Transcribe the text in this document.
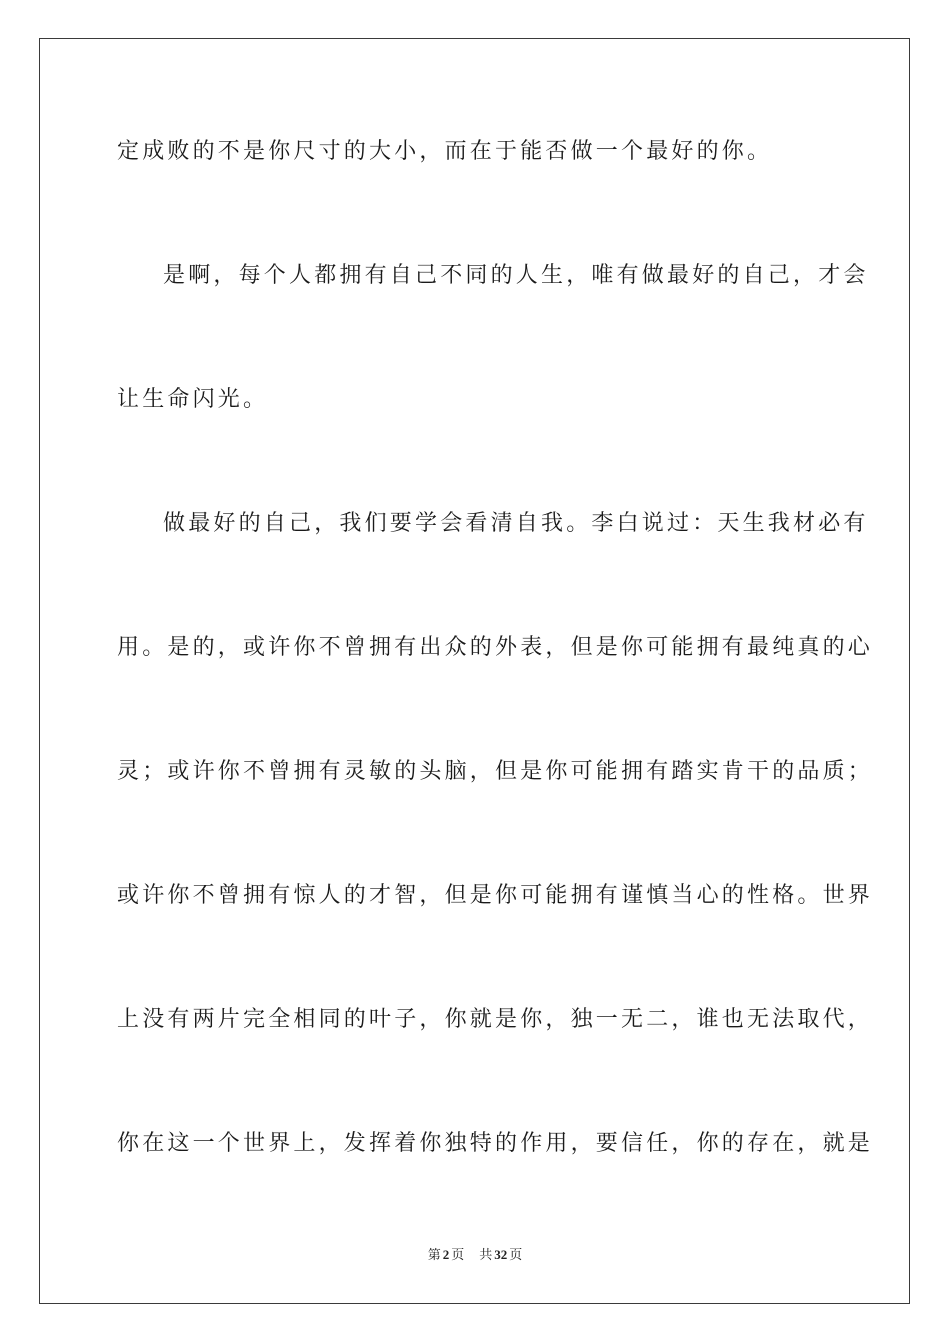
定成败的不是你尺寸的大小，而在于能否做一个最好的你。
是啊，每个人都拥有自己不同的人生，唯有做最好的自己，才会
让生命闪光。
做最好的自己，我们要学会看清自我。李白说过：天生我材必有
用。是的，或许你不曾拥有出众的外表，但是你可能拥有最纯真的心
灵；或许你不曾拥有灵敏的头脑，但是你可能拥有踏实肯干的品质；
或许你不曾拥有惊人的才智，但是你可能拥有谨慎当心的性格。世界
上没有两片完全相同的叶子，你就是你，独一无二，谁也无法取代，
你在这一个世界上，发挥着你独特的作用，要信任，你的存在，就是
第 2 页 共 32 页
